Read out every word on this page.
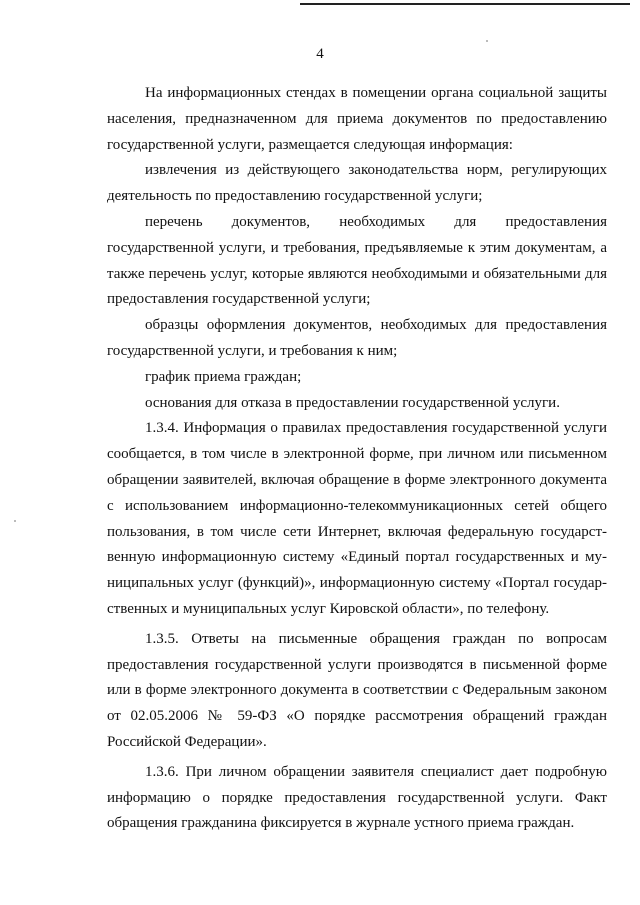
4

На информационных стендах в помещении органа социальной защиты населения, предназначенном для приема документов по предоставлению государственной услуги, размещается следующая информация:

извлечения из действующего законодательства норм, регулирующих деятельность по предоставлению государственной услуги;

перечень документов, необходимых для предоставления государственной услуги, и требования, предъявляемые к этим документам, а также перечень услуг, которые являются необходимыми и обязательными для предоставления государственной услуги;

образцы оформления документов, необходимых для предоставления государственной услуги, и требования к ним;

график приема граждан;

основания для отказа в предоставлении государственной услуги.

1.3.4. Информация о правилах предоставления государственной услуги сообщается, в том числе в электронной форме, при личном или письменном обращении заявителей, включая обращение в форме электронного документа с использованием информационно-телекоммуникационных сетей общего пользования, в том числе сети Интернет, включая федеральную государст-венную информационную систему «Единый портал государственных и му-ниципальных услуг (функций)», информационную систему «Портал государ-ственных и муниципальных услуг Кировской области», по телефону.

1.3.5. Ответы на письменные обращения граждан по вопросам предоставления государственной услуги производятся в письменной форме или в форме электронного документа в соответствии с Федеральным законом от 02.05.2006 № 59-ФЗ «О порядке рассмотрения обращений граждан Российской Федерации».

1.3.6. При личном обращении заявителя специалист дает подробную информацию о порядке предоставления государственной услуги. Факт обращения гражданина фиксируется в журнале устного приема граждан.
